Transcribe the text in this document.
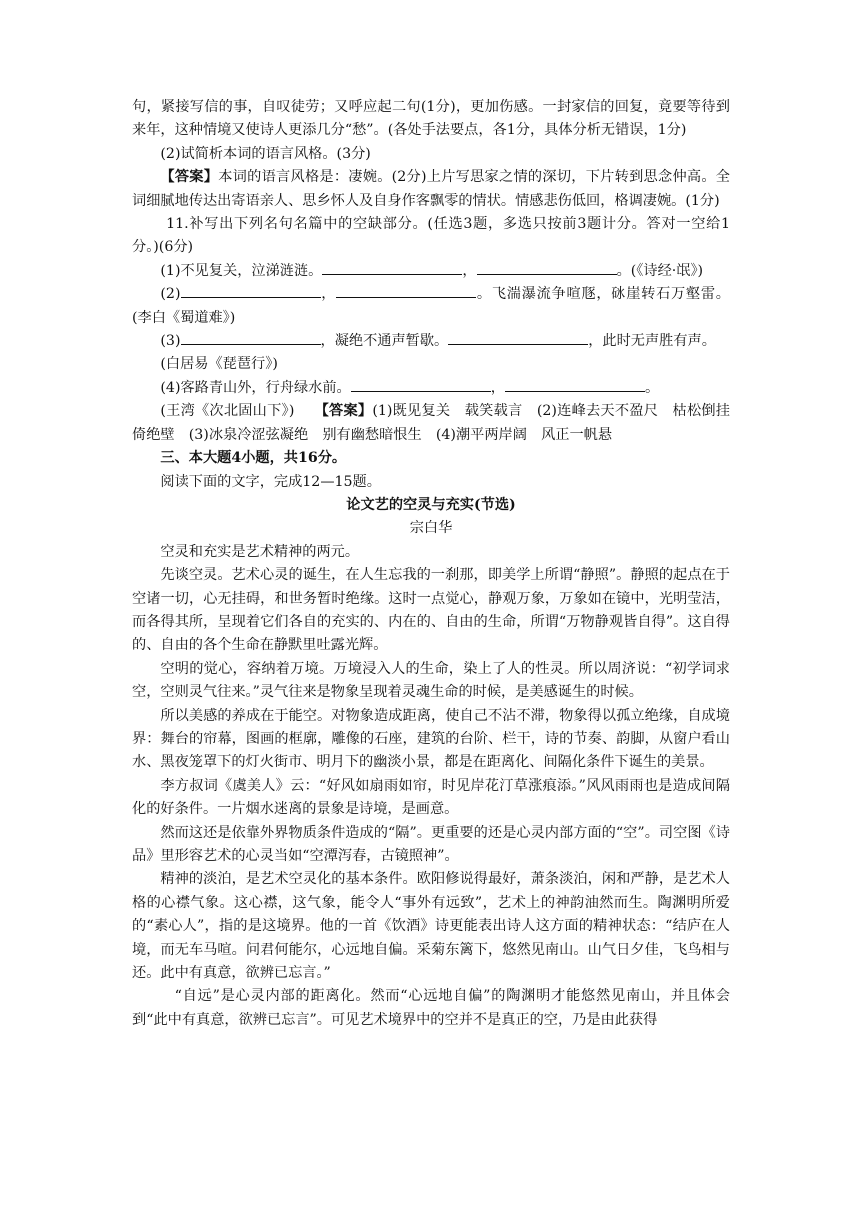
句，紧接写信的事，自叹徒劳；又呼应起二句(1分)，更加伤感。一封家信的回复，竟要等待到来年，这种情境又使诗人更添几分“愁”。(各处手法要点，各1分，具体分析无错误，1分)

(2)试简析本词的语言风格。(3分)

【答案】本词的语言风格是：凄婉。(2分)上片写思家之情的深切，下片转到思念仲高。全词细腻地传达出寄语亲人、思乡怀人及自身作客飘零的情状。情感悲伤低回，格调凄婉。(1分)

11.补写出下列名句名篇中的空缺部分。(任选3题，多选只按前3题计分。答对一空给1分。)(6分)

(1)不见复关，泣涕涟涟。	，	。(《诗经·氓》)

(2)	，	。飞湍瀑流争喧豗，砯崖转石万壑雷。(李白《蜀道难》)

(3)	，凝绝不通声暂歇。	，此时无声胜有声。

(白居易《琵琶行》)

(4)客路青山外，行舟绿水前。	，	。

(王湾《次北固山下》) 【答案】(1)既见复关　载笑载言　(2)连峰去天不盈尺　枯松倒挂倚绝壁　(3)冰泉冷涩弦凝绝　别有幽愁暗恨生　(4)潮平两岸阔　风正一帆悬

三、本大题4小题，共16分。

阅读下面的文字，完成12—15题。

论文艺的空灵与充实(节选)

宗白华

空灵和充实是艺术精神的两元。

先谈空灵。艺术心灵的诞生，在人生忘我的一刹那，即美学上所谓“静照”。静照的起点在于空诸一切，心无挂碍，和世务暂时绝缘。这时一点觉心，静观万象，万象如在镜中，光明莹洁，而各得其所，呈现着它们各自的充实的、内在的、自由的生命，所谓“万物静观皆自得”。这自得的、自由的各个生命在静默里吐露光辉。

空明的觉心，容纳着万境。万境浸入人的生命，染上了人的性灵。所以周济说：“初学词求空，空则灵气往来。”灵气往来是物象呈现着灵魂生命的时候，是美感诞生的时候。

所以美感的养成在于能空。对物象造成距离，使自己不沾不滞，物象得以孤立绝缘，自成境界：舞台的帘幕，图画的框廓，雕像的石座，建筑的台阶、栏干，诗的节奏、韵脚，从窗户看山水、黑夜笼罩下的灯火街市、明月下的幽淡小景，都是在距离化、间隔化条件下诞生的美景。

李方叔词《虞美人》云：“好风如扇雨如帘，时见岸花汀草涨痕添。”风风雨雨也是造成间隔化的好条件。一片烟水迷离的景象是诗境，是画意。

然而这还是依靠外界物质条件造成的“隔”。更重要的还是心灵内部方面的“空”。司空图《诗品》里形容艺术的心灵当如“空潭泻春，古镜照神”。

精神的淡泊，是艺术空灵化的基本条件。欧阳修说得最好，萧条淡泊，闲和严静，是艺术人格的心襟气象。这心襟，这气象，能令人“事外有远致”，艺术上的神韵油然而生。陶渊明所爱的“素心人”，指的是这境界。他的一首《饮酒》诗更能表出诗人这方面的精神状态：“结庐在人境，而无车马喧。问君何能尔，心远地自偏。采菊东篱下，悠然见南山。山气日夕佳，飞鸟相与还。此中有真意，欲辨已忘言。”

“自远”是心灵内部的距离化。然而“心远地自偏”的陶渊明才能悠然见南山，并且体会到“此中有真意，欲辨已忘言”。可见艺术境界中的空并不是真正的空，乃是由此获得
